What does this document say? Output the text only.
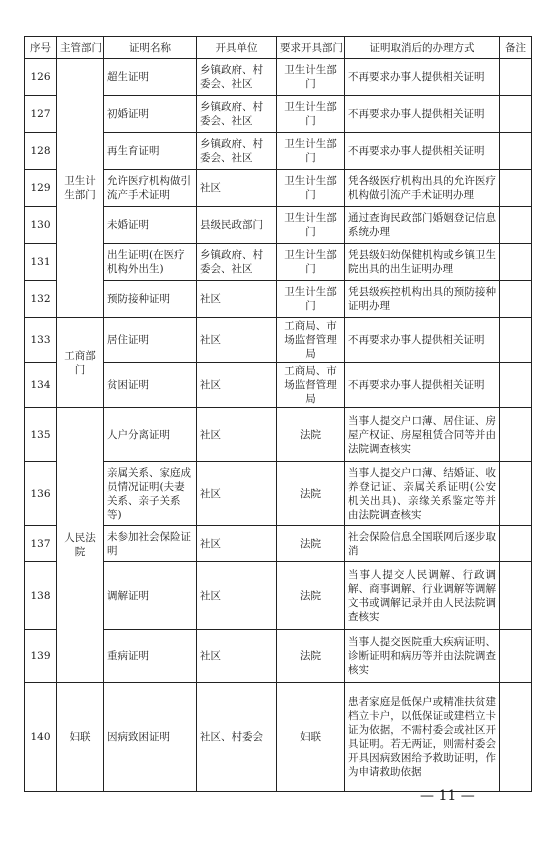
序号	主管部门	证明名称	开具单位	要求开具部门	证明取消后的办理方式	备注
126	卫生计生部门	超生证明	乡镇政府、村委会、社区	卫生计生部门	不再要求办事人提供相关证明	
127		初婚证明	乡镇政府、村委会、社区	卫生计生部门	不再要求办事人提供相关证明	
128		再生育证明	乡镇政府、村委会、社区	卫生计生部门	不再要求办事人提供相关证明	
129		允许医疗机构做引流产手术证明	社区	卫生计生部门	凭各级医疗机构出具的允许医疗机构做引流产手术证明办理	
130		未婚证明	县级民政部门	卫生计生部门	通过查询民政部门婚姻登记信息系统办理	
131		出生证明(在医疗机构外出生)	乡镇政府、村委会、社区	卫生计生部门	凭县级妇幼保健机构或乡镇卫生院出具的出生证明办理	
132		预防接种证明	社区	卫生计生部门	凭县级疾控机构出具的预防接种证明办理	
133	工商部门	居住证明	社区	工商局、市场监督管理局	不再要求办事人提供相关证明	
134		贫困证明	社区	工商局、市场监督管理局	不再要求办事人提供相关证明	
135	人民法院	人户分离证明	社区	法院	当事人提交户口薄、居住证、房屋产权证、房屋租赁合同等并由法院调查核实	
136		亲属关系、家庭成员情况证明(夫妻关系、亲子关系等)	社区	法院	当事人提交户口薄、结婚证、收养登记证、亲属关系证明(公安机关出具)、亲缘关系鉴定等并由法院调查核实	
137		未参加社会保险证明	社区	法院	社会保险信息全国联网后逐步取消	
138		调解证明	社区	法院	当事人提交人民调解、行政调解、商事调解、行业调解等调解文书或调解记录并由人民法院调查核实	
139		重病证明	社区	法院	当事人提交医院重大疾病证明、诊断证明和病历等并由法院调查核实	
140	妇联	因病致困证明	社区、村委会	妇联	患者家庭是低保户或精准扶贫建档立卡户，以低保证或建档立卡证为依据，不需村委会或社区开具证明。若无两证，则需村委会开具因病致困给予救助证明，作为申请救助依据	
— 11 —
